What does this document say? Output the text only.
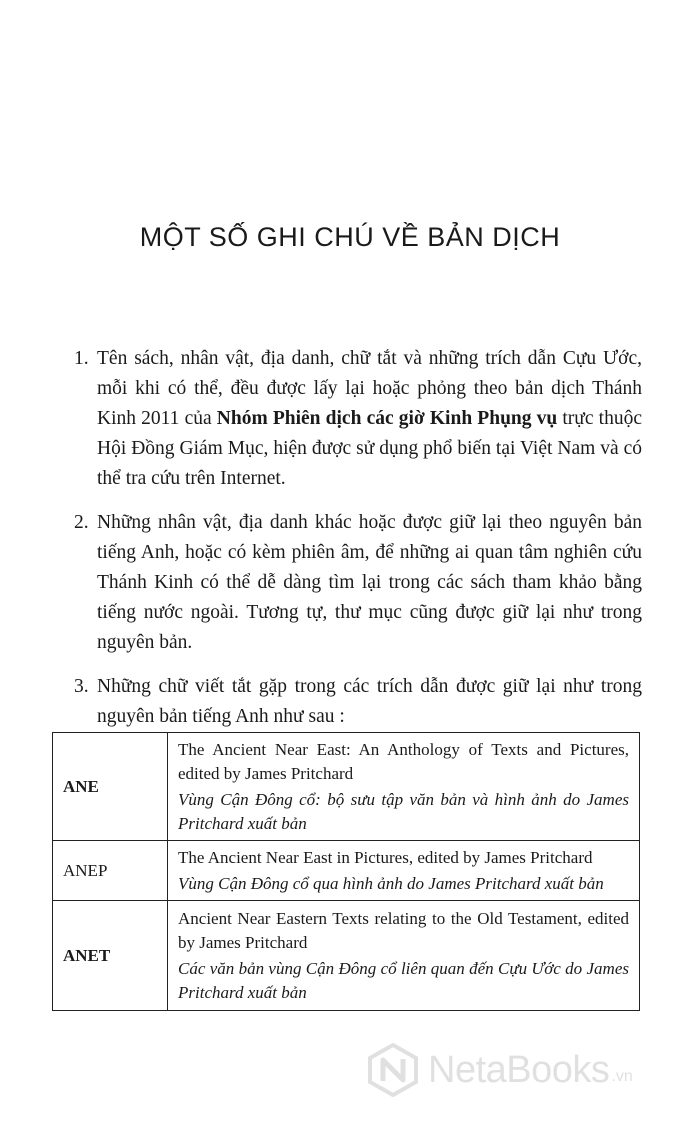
MỘT SỐ GHI CHÚ VỀ BẢN DỊCH
1. Tên sách, nhân vật, địa danh, chữ tắt và những trích dẫn Cựu Ước, mỗi khi có thể, đều được lấy lại hoặc phỏng theo bản dịch Thánh Kinh 2011 của Nhóm Phiên dịch các giờ Kinh Phụng vụ trực thuộc Hội Đồng Giám Mục, hiện được sử dụng phổ biến tại Việt Nam và có thể tra cứu trên Internet.
2. Những nhân vật, địa danh khác hoặc được giữ lại theo nguyên bản tiếng Anh, hoặc có kèm phiên âm, để những ai quan tâm nghiên cứu Thánh Kinh có thể dễ dàng tìm lại trong các sách tham khảo bằng tiếng nước ngoài. Tương tự, thư mục cũng được giữ lại như trong nguyên bản.
3. Những chữ viết tắt gặp trong các trích dẫn được giữ lại như trong nguyên bản tiếng Anh như sau :
ANE	The Ancient Near East: An Anthology of Texts and Pictures, edited by James Pritchard
Vùng Cận Đông cổ: bộ sưu tập văn bản và hình ảnh do James Pritchard xuất bản

ANEP	The Ancient Near East in Pictures, edited by James Pritchard
Vùng Cận Đông cổ qua hình ảnh do James Pritchard xuất bản

ANET	Ancient Near Eastern Texts relating to the Old Testament, edited by James Pritchard
Các văn bản vùng Cận Đông cổ liên quan đến Cựu Ước do James Pritchard xuất bản
NetaBooks .vn
